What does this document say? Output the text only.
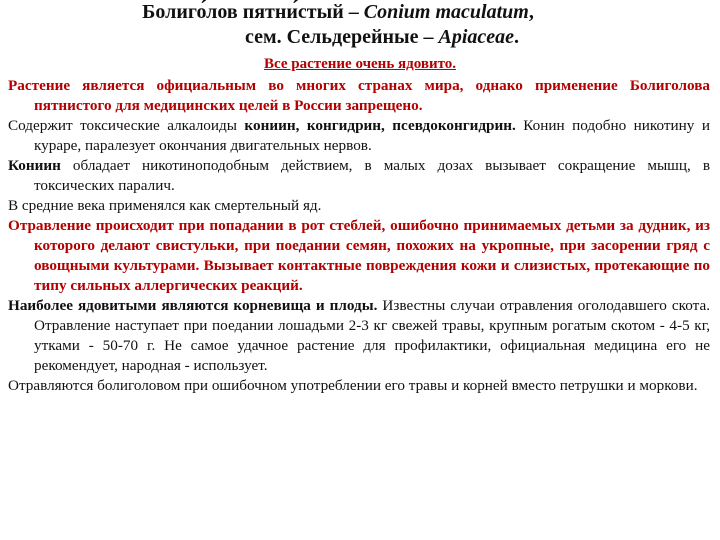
Болиго́лов пятни́стый – Conium maculatum,
сем. Сельдерейные – Apiaceae.
Все растение очень ядовито.

Растение является официальным во многих странах мира, однако применение Болиголова пятнистого для медицинских целей в России запрещено.

Содержит токсические алкалоиды кониин, конгидрин, псевдоконгидрин. Конин подобно никотину и кураре, паралезует окончания двигательных нервов.

Кониин обладает никотиноподобным действием, в малых дозах вызывает сокращение мышц, в токсических паралич.

В средние века применялся как смертельный яд.

Отравление происходит при попадании в рот стеблей, ошибочно принимаемых детьми за дудник, из которого делают свистульки, при поедании семян, похожих на укропные, при засорении гряд с овощными культурами. Вызывает контактные повреждения кожи и слизистых, протекающие по типу сильных аллергических реакций.

Наиболее ядовитыми являются корневища и плоды. Известны случаи отравления оголодавшего скота. Отравление наступает при поедании лошадьми 2-3 кг свежей травы, крупным рогатым скотом - 4-5 кг, утками - 50-70 г. Не самое удачное растение для профилактики, официальная медицина его не рекомендует, народная - использует.

Отравляются болиголовом при ошибочном употреблении его травы и корней вместо петрушки и моркови.
